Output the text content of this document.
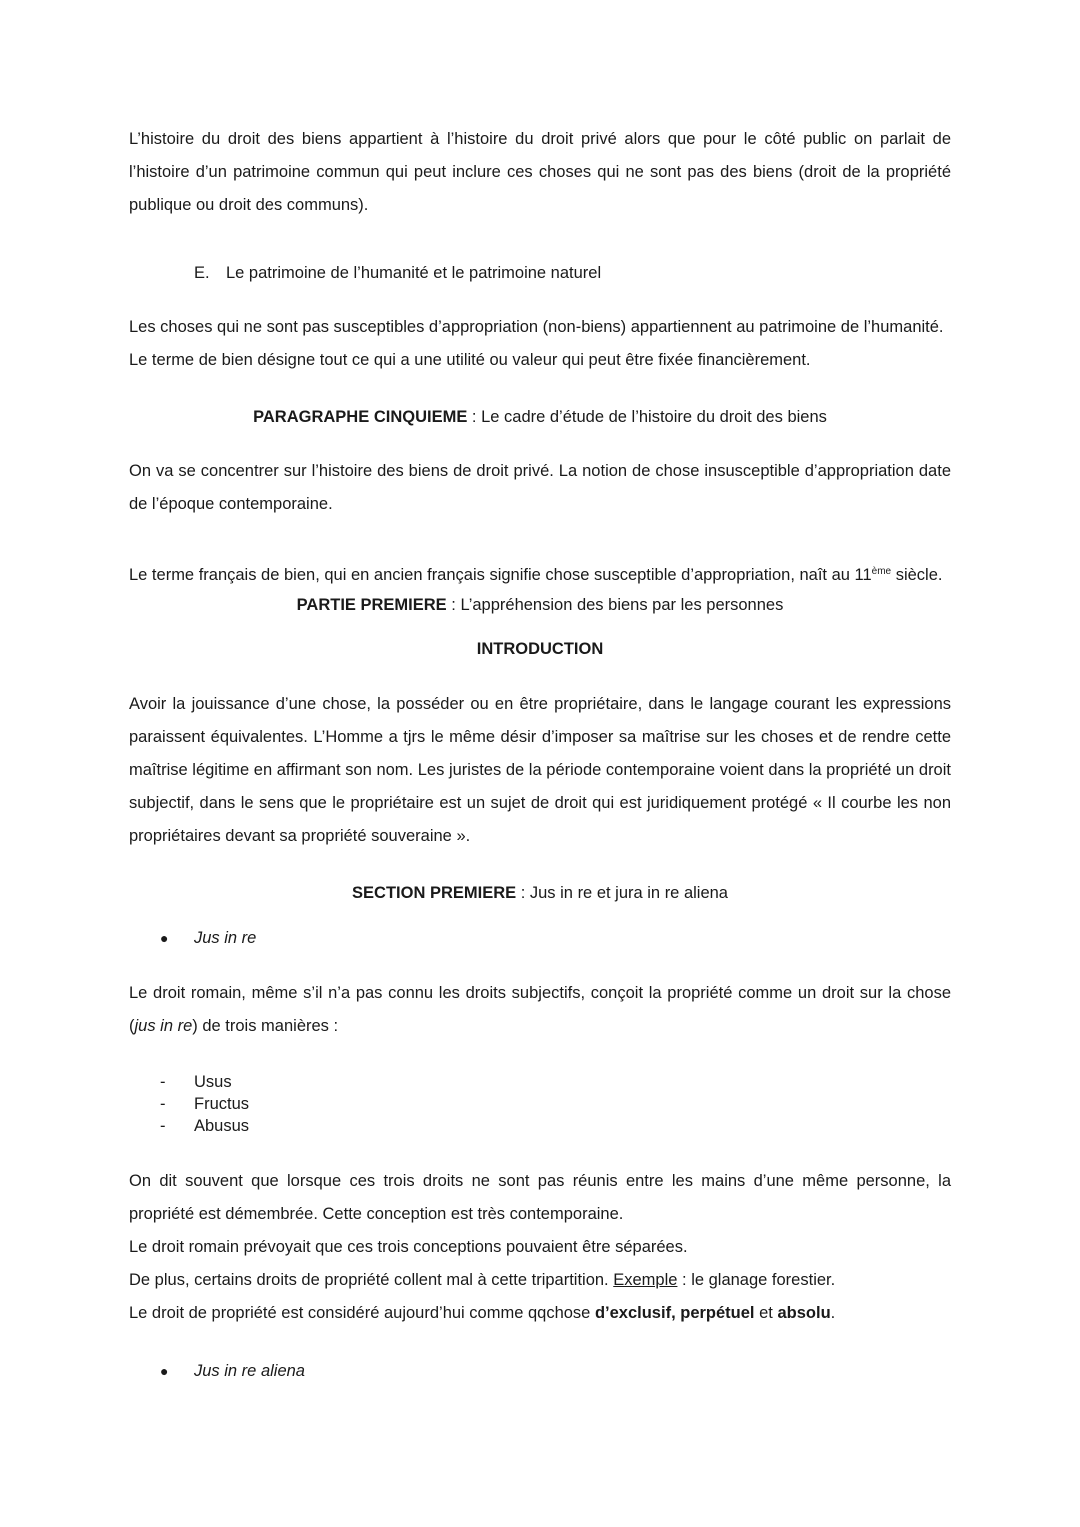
L’histoire du droit des biens appartient à l’histoire du droit privé alors que pour le côté public on parlait de l’histoire d’un patrimoine commun qui peut inclure ces choses qui ne sont pas des biens (droit de la propriété publique ou droit des communs).

E. Le patrimoine de l’humanité et le patrimoine naturel
Les choses qui ne sont pas susceptibles d’appropriation (non-biens) appartiennent au patrimoine de l’humanité.
Le terme de bien désigne tout ce qui a une utilité ou valeur qui peut être fixée financièrement.
PARAGRAPHE CINQUIEME : Le cadre d’étude de l’histoire du droit des biens

On va se concentrer sur l’histoire des biens de droit privé. La notion de chose insusceptible d’appropriation date de l’époque contemporaine.

Le terme français de bien, qui en ancien français signifie chose susceptible d’appropriation, naît au 11ème siècle.
PARTIE PREMIERE : L’appréhension des biens par les personnes
INTRODUCTION

Avoir la jouissance d’une chose, la posséder ou en être propriétaire, dans le langage courant les expressions paraissent équivalentes. L’Homme a tjrs le même désir d’imposer sa maîtrise sur les choses et de rendre cette maîtrise légitime en affirmant son nom. Les juristes de la période contemporaine voient dans la propriété un droit subjectif, dans le sens que le propriétaire est un sujet de droit qui est juridiquement protégé « Il courbe les non propriétaires devant sa propriété souveraine ».

SECTION PREMIERE : Jus in re et jura in re aliena
● Jus in re

Le droit romain, même s’il n’a pas connu les droits subjectifs, conçoit la propriété comme un droit sur la chose (jus in re) de trois manières :

- Usus
- Fructus
- Abusus
On dit souvent que lorsque ces trois droits ne sont pas réunis entre les mains d’une même personne, la propriété est démembrée. Cette conception est très contemporaine.
Le droit romain prévoyait que ces trois conceptions pouvaient être séparées.
De plus, certains droits de propriété collent mal à cette tripartition. Exemple : le glanage forestier.
Le droit de propriété est considéré aujourd’hui comme qqchose d’exclusif, perpétuel et absolu.
● Jus in re aliena
